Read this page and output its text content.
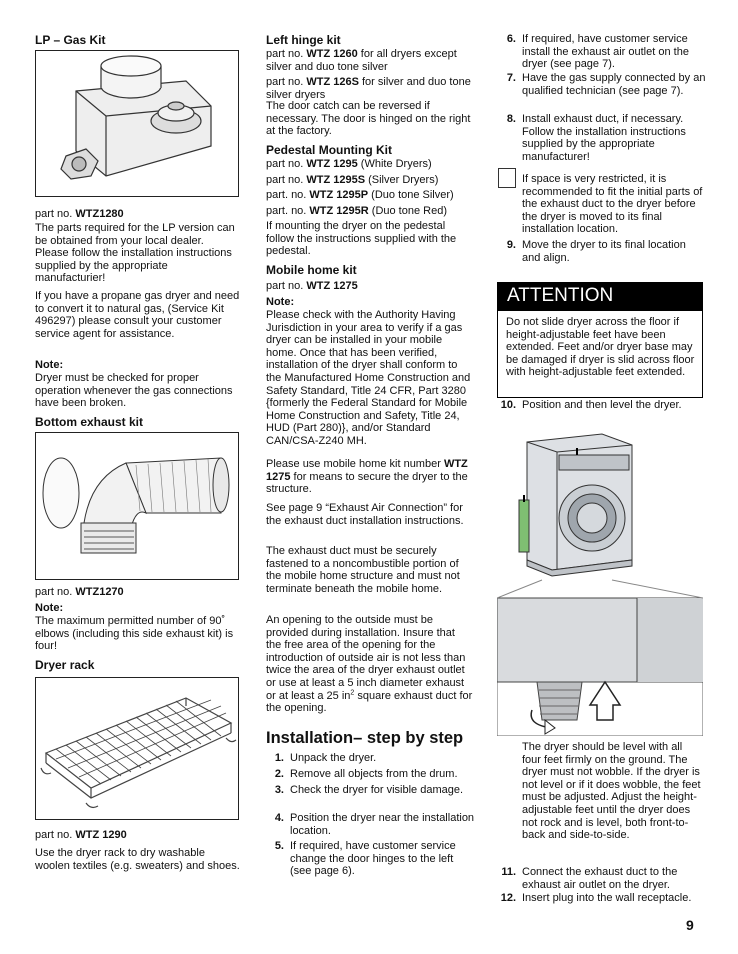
LP – Gas Kit

part no. WTZ1280

The parts required for the LP version can be obtained from your local dealer. Please follow the installation instructions supplied by the appropriate manufacturier!

If you have a propane gas dryer and need to convert it to natural gas, (Service Kit 496297) please consult your customer service agent for assistance.

Note:

Dryer must be checked for proper operation whenever the gas connections have been broken.

Bottom exhaust kit

part no. WTZ1270

Note:

The maximum permitted number of 90˚ elbows (including this side exhaust kit) is four!

Dryer rack

part no. WTZ 1290

Use the dryer rack to dry washable woolen textiles (e.g. sweaters) and shoes.

Left hinge kit

part no. WTZ 1260 for all dryers except silver and duo tone silver

part no. WTZ 126S for silver and duo tone silver dryers

The door catch can be reversed if necessary. The door is hinged on the right at the factory.

Pedestal Mounting Kit

part no. WTZ 1295 (White Dryers)

part no. WTZ 1295S (Silver Dryers)

part. no. WTZ 1295P (Duo tone Silver)

part. no. WTZ 1295R (Duo tone Red)

If mounting the dryer on the pedestal follow the instructions supplied with the pedestal.

Mobile home kit

part no. WTZ 1275

Note:

Please check with the Authority Having Jurisdiction in your area to verify if a gas dryer can be installed in your mobile home. Once that has been verified, installation of the dryer shall conform to the Manufactured Home Construction and Safety Standard, Title 24 CFR, Part 3280 {formerly the Federal Standard for Mobile Home Construction and Safety, Title 24, HUD (Part 280)}, and/or Standard CAN/CSA-Z240 MH.

Please use mobile home kit number WTZ 1275 for means to secure the dryer to the structure.

See page 9 “Exhaust Air Connection” for the exhaust duct installation instructions.

The exhaust duct must be securely fastened to a noncombustible portion of the mobile home structure and must not terminate beneath the mobile home.

An opening to the outside must be provided during installation. Insure that the free area of the opening for the introduction of outside air is not less than twice the area of the dryer exhaust outlet or use at least a 5 inch diameter exhaust or at least a 25 $in^2$ square exhaust duct for the opening.

Installation– step by step
1. Unpack the dryer.
2. Remove all objects from the drum.
3. Check the dryer for visible damage.
4. Position the dryer near the installation location.
5. If required, have customer service change the door hinges to the left (see page 6).
6. If required, have customer service install the exhaust air outlet on the dryer (see page 7).
7. Have the gas supply connected by an qualified technician (see page 7).
8. Install exhaust duct, if necessary. Follow the installation instructions supplied by the appropriate manufacturer!

If space is very restricted, it is recommended to fit the initial parts of the exhaust duct to the dryer before the dryer is moved to its final installation location.

9. Move the dryer to its final location and align.
ATTENTION

Do not slide dryer across the floor if height-adjustable feet have been extended. Feet and/or dryer base may be damaged if dryer is slid across floor with height-adjustable feet extended.

10. Position and then level the dryer.

The dryer should be level with all four feet firmly on the ground. The dryer must not wobble. If the dryer is not level or if it does wobble, the feet must be adjusted. Adjust the height-adjustable feet until the dryer does not rock and is level, both front-to-back and side-to-side.

11. Connect the exhaust duct to the exhaust air outlet on the dryer.
12. Insert plug into the wall receptacle.
9
